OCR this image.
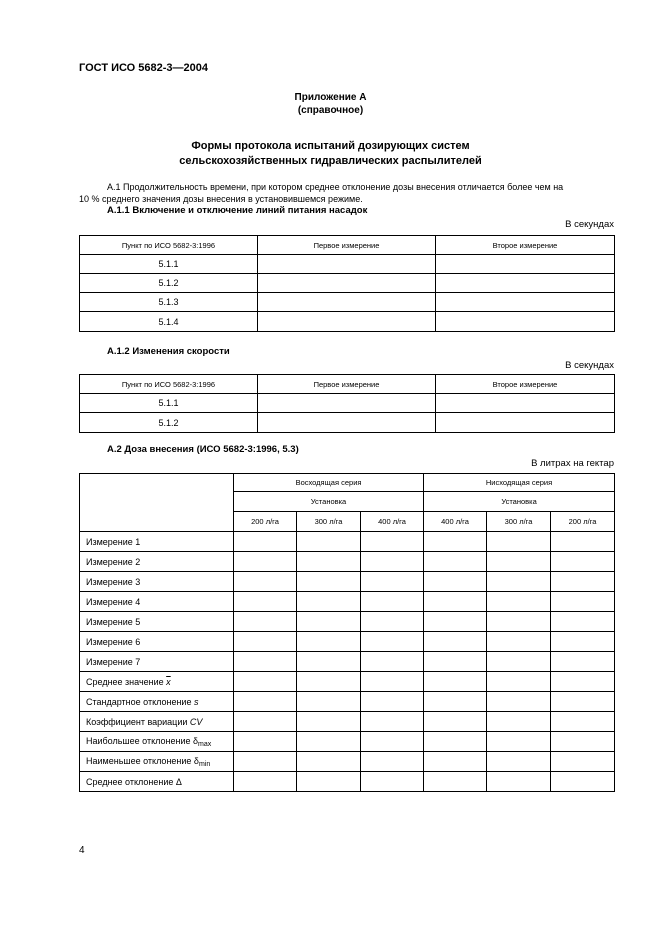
ГОСТ ИСО 5682-3—2004
Приложение А
(справочное)
Формы протокола испытаний дозирующих систем
сельскохозяйственных гидравлических распылителей
А.1 Продолжительность времени, при котором среднее отклонение дозы внесения отличается более чем на
10 % среднего значения дозы внесения в установившемся режиме.
А.1.1 Включение и отключение линий питания насадок
В секундах
Пункт по ИСО 5682-3:1996	Первое измерение	Второе измерение
5.1.1		
5.1.2		
5.1.3		
5.1.4		
А.1.2 Изменения скорости
В секундах
Пункт по ИСО 5682-3:1996	Первое измерение	Второе измерение
5.1.1		
5.1.2		
А.2 Доза внесения (ИСО 5682-3:1996, 5.3)
В литрах на гектар
	Восходящая серия			Нисходящая серия		
	Установка			Установка		
	200 л/га	300 л/га	400 л/га	400 л/га	300 л/га	200 л/га
Измерение 1						
Измерение 2						
Измерение 3						
Измерение 4						
Измерение 5						
Измерение 6						
Измерение 7						
Среднее значение $\overline{x}$						
Стандартное отклонение s						
Коэффициент вариации CV						
Наибольшее отклонение $\delta_{max}$						
Наименьшее отклонение $\delta_{min}$						
Среднее отклонение Δ						
4
